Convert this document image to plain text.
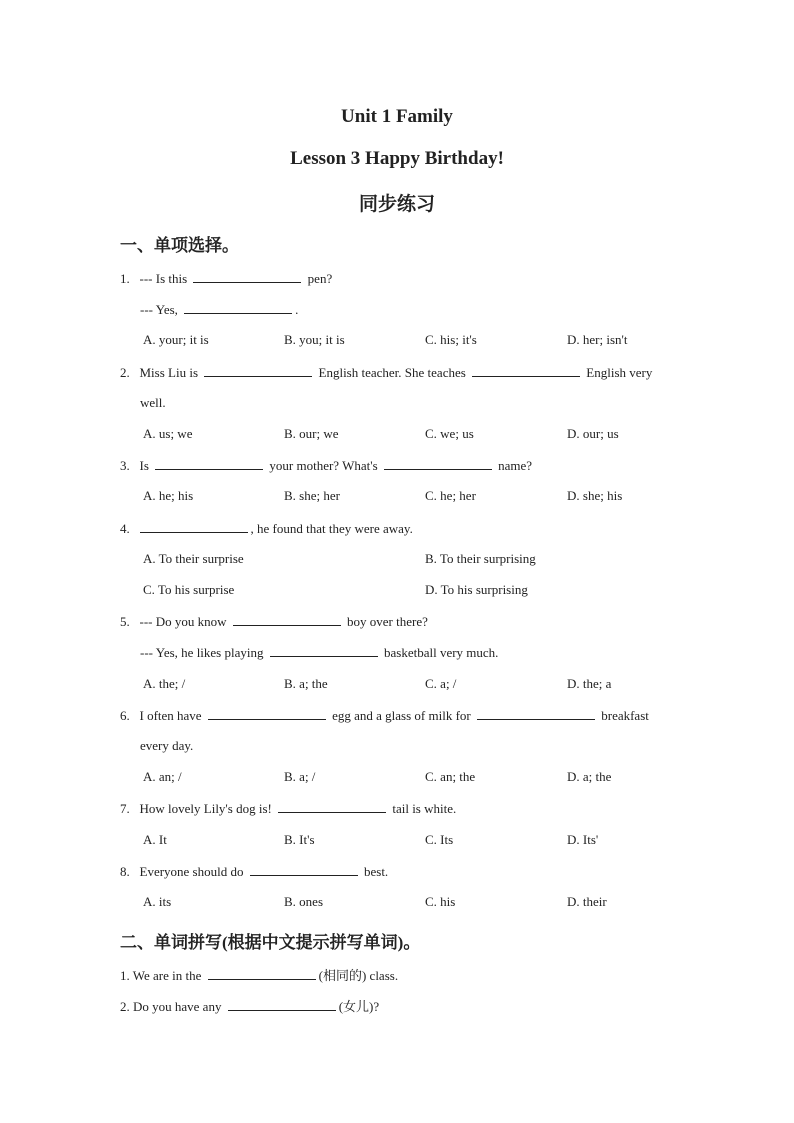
Unit 1 Family
Lesson 3 Happy Birthday!
同步练习
一、单项选择。
1. --- Is this	pen?
--- Yes,	.
A. your; it is	B. you; it is	C. his; it's	D. her; isn't
2. Miss Liu is	English teacher. She teaches	English very
well.
A. us; we	B. our; we	C. we; us	D. our; us
3. Is	your mother? What's	name?
A. he; his	B. she; her	C. he; her	D. she; his
4.	, he found that they were away.
A. To their surprise	B. To their surprising
C. To his surprise	D. To his surprising
5. --- Do you know	boy over there?
--- Yes, he likes playing	basketball very much.
A. the; /	B. a; the	C. a; /	D. the; a
6. I often have	egg and a glass of milk for	breakfast
every day.
A. an; /	B. a; /	C. an; the	D. a; the
7. How lovely Lily's dog is!	tail is white.
A. It	B. It's	C. Its	D. Its'
8. Everyone should do	best.
A. its	B. ones	C. his	D. their
二、单词拼写(根据中文提示拼写单词)。
1. We are in the	(相同的) class.
2. Do you have any	(女儿)?
